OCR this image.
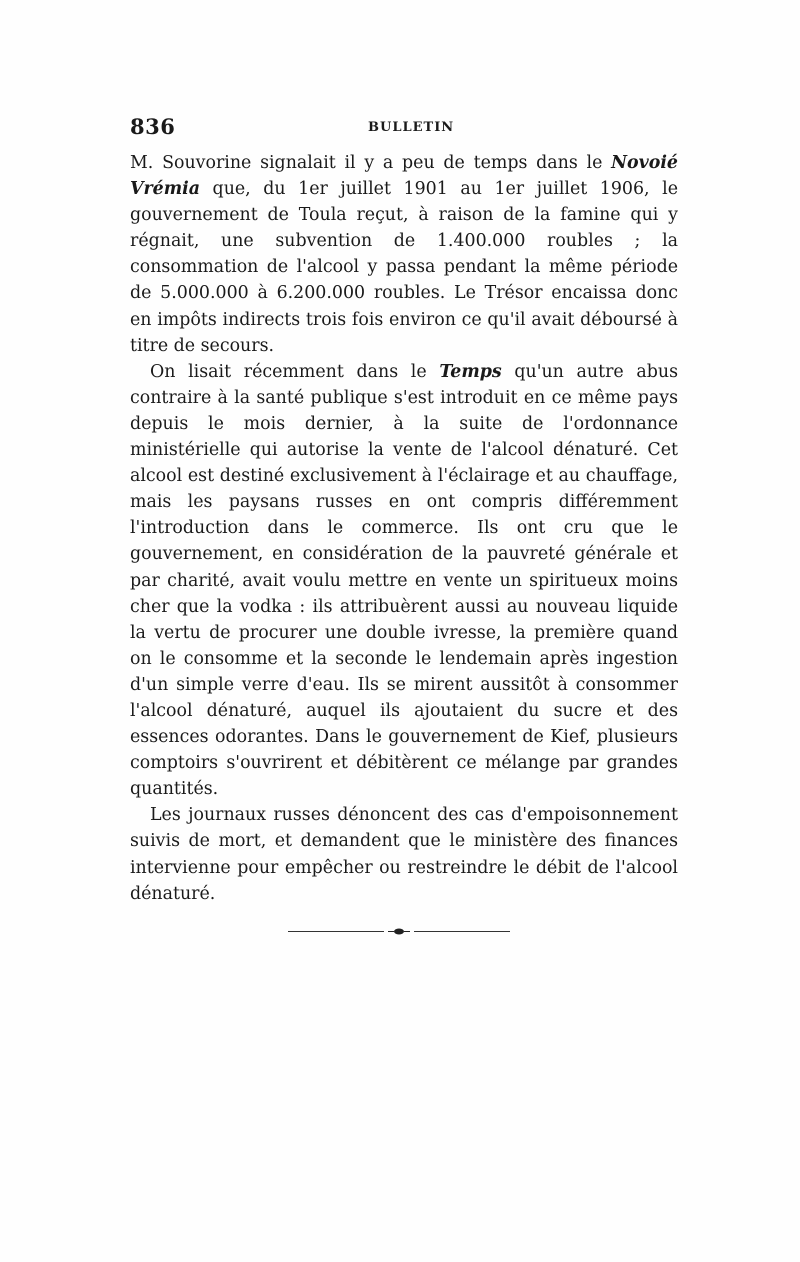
836	BULLETIN

M. Souvorine signalait il y a peu de temps dans le Novoié Vrémia que, du 1er juillet 1901 au 1er juillet 1906, le gouvernement de Toula reçut, à raison de la famine qui y régnait, une subvention de 1.400.000 roubles ; la consommation de l'alcool y passa pendant la même période de 5.000.000 à 6.200.000 roubles. Le Trésor encaissa donc en impôts indirects trois fois environ ce qu'il avait déboursé à titre de secours.

On lisait récemment dans le Temps qu'un autre abus contraire à la santé publique s'est introduit en ce même pays depuis le mois dernier, à la suite de l'ordonnance ministérielle qui autorise la vente de l'alcool dénaturé. Cet alcool est destiné exclusivement à l'éclairage et au chauffage, mais les paysans russes en ont compris différemment l'introduction dans le commerce. Ils ont cru que le gouvernement, en considération de la pauvreté générale et par charité, avait voulu mettre en vente un spiritueux moins cher que la vodka : ils attribuèrent aussi au nouveau liquide la vertu de procurer une double ivresse, la première quand on le consomme et la seconde le lendemain après ingestion d'un simple verre d'eau. Ils se mirent aussitôt à consommer l'alcool dénaturé, auquel ils ajoutaient du sucre et des essences odorantes. Dans le gouvernement de Kief, plusieurs comptoirs s'ouvrirent et débitèrent ce mélange par grandes quantités.

Les journaux russes dénoncent des cas d'empoisonnement suivis de mort, et demandent que le ministère des finances intervienne pour empêcher ou restreindre le débit de l'alcool dénaturé.
